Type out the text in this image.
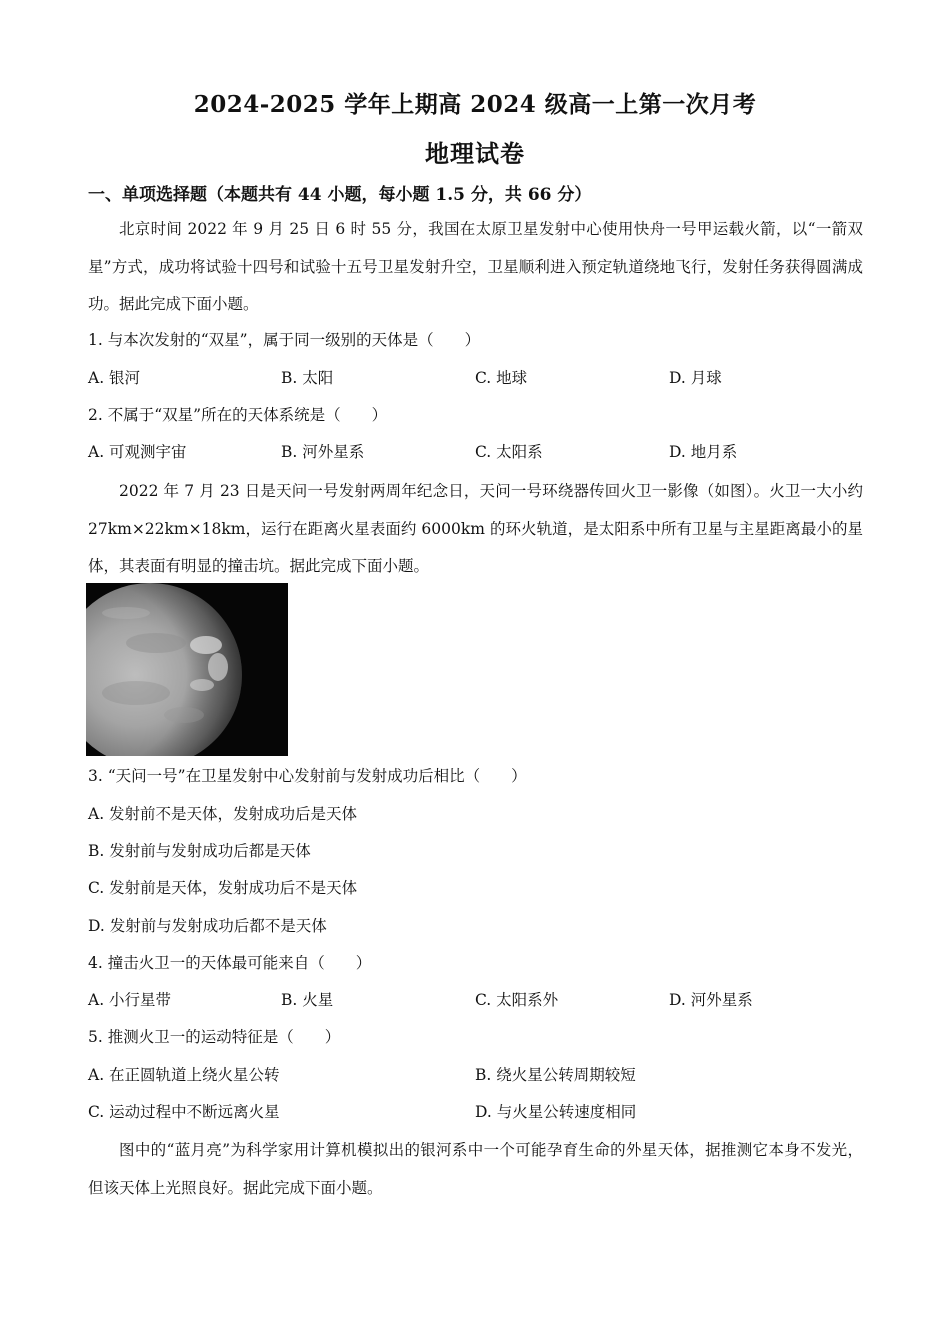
2024-2025 学年上期高 2024 级高一上第一次月考
地理试卷
一、单项选择题（本题共有 44 小题，每小题 1.5 分，共 66 分）

北京时间 2022 年 9 月 25 日 6 时 55 分，我国在太原卫星发射中心使用快舟一号甲运载火箭，以“一箭双星”方式，成功将试验十四号和试验十五号卫星发射升空，卫星顺利进入预定轨道绕地飞行，发射任务获得圆满成功。据此完成下面小题。

1. 与本次发射的“双星”，属于同一级别的天体是（　　）
A. 银河	B. 太阳	C. 地球	D. 月球
2. 不属于“双星”所在的天体系统是（　　）
A. 可观测宇宙	B. 河外星系	C. 太阳系	D. 地月系

2022 年 7 月 23 日是天问一号发射两周年纪念日，天问一号环绕器传回火卫一影像（如图）。火卫一大小约 27km×22km×18km，运行在距离火星表面约 6000km 的环火轨道，是太阳系中所有卫星与主星距离最小的星体，其表面有明显的撞击坑。据此完成下面小题。

3. “天问一号”在卫星发射中心发射前与发射成功后相比（　　）
A. 发射前不是天体，发射成功后是天体
B. 发射前与发射成功后都是天体
C. 发射前是天体，发射成功后不是天体
D. 发射前与发射成功后都不是天体
4. 撞击火卫一的天体最可能来自（　　）
A. 小行星带	B. 火星	C. 太阳系外	D. 河外星系
5. 推测火卫一的运动特征是（　　）
A. 在正圆轨道上绕火星公转	B. 绕火星公转周期较短
C. 运动过程中不断远离火星	D. 与火星公转速度相同

图中的“蓝月亮”为科学家用计算机模拟出的银河系中一个可能孕育生命的外星天体，据推测它本身不发光，但该天体上光照良好。据此完成下面小题。
